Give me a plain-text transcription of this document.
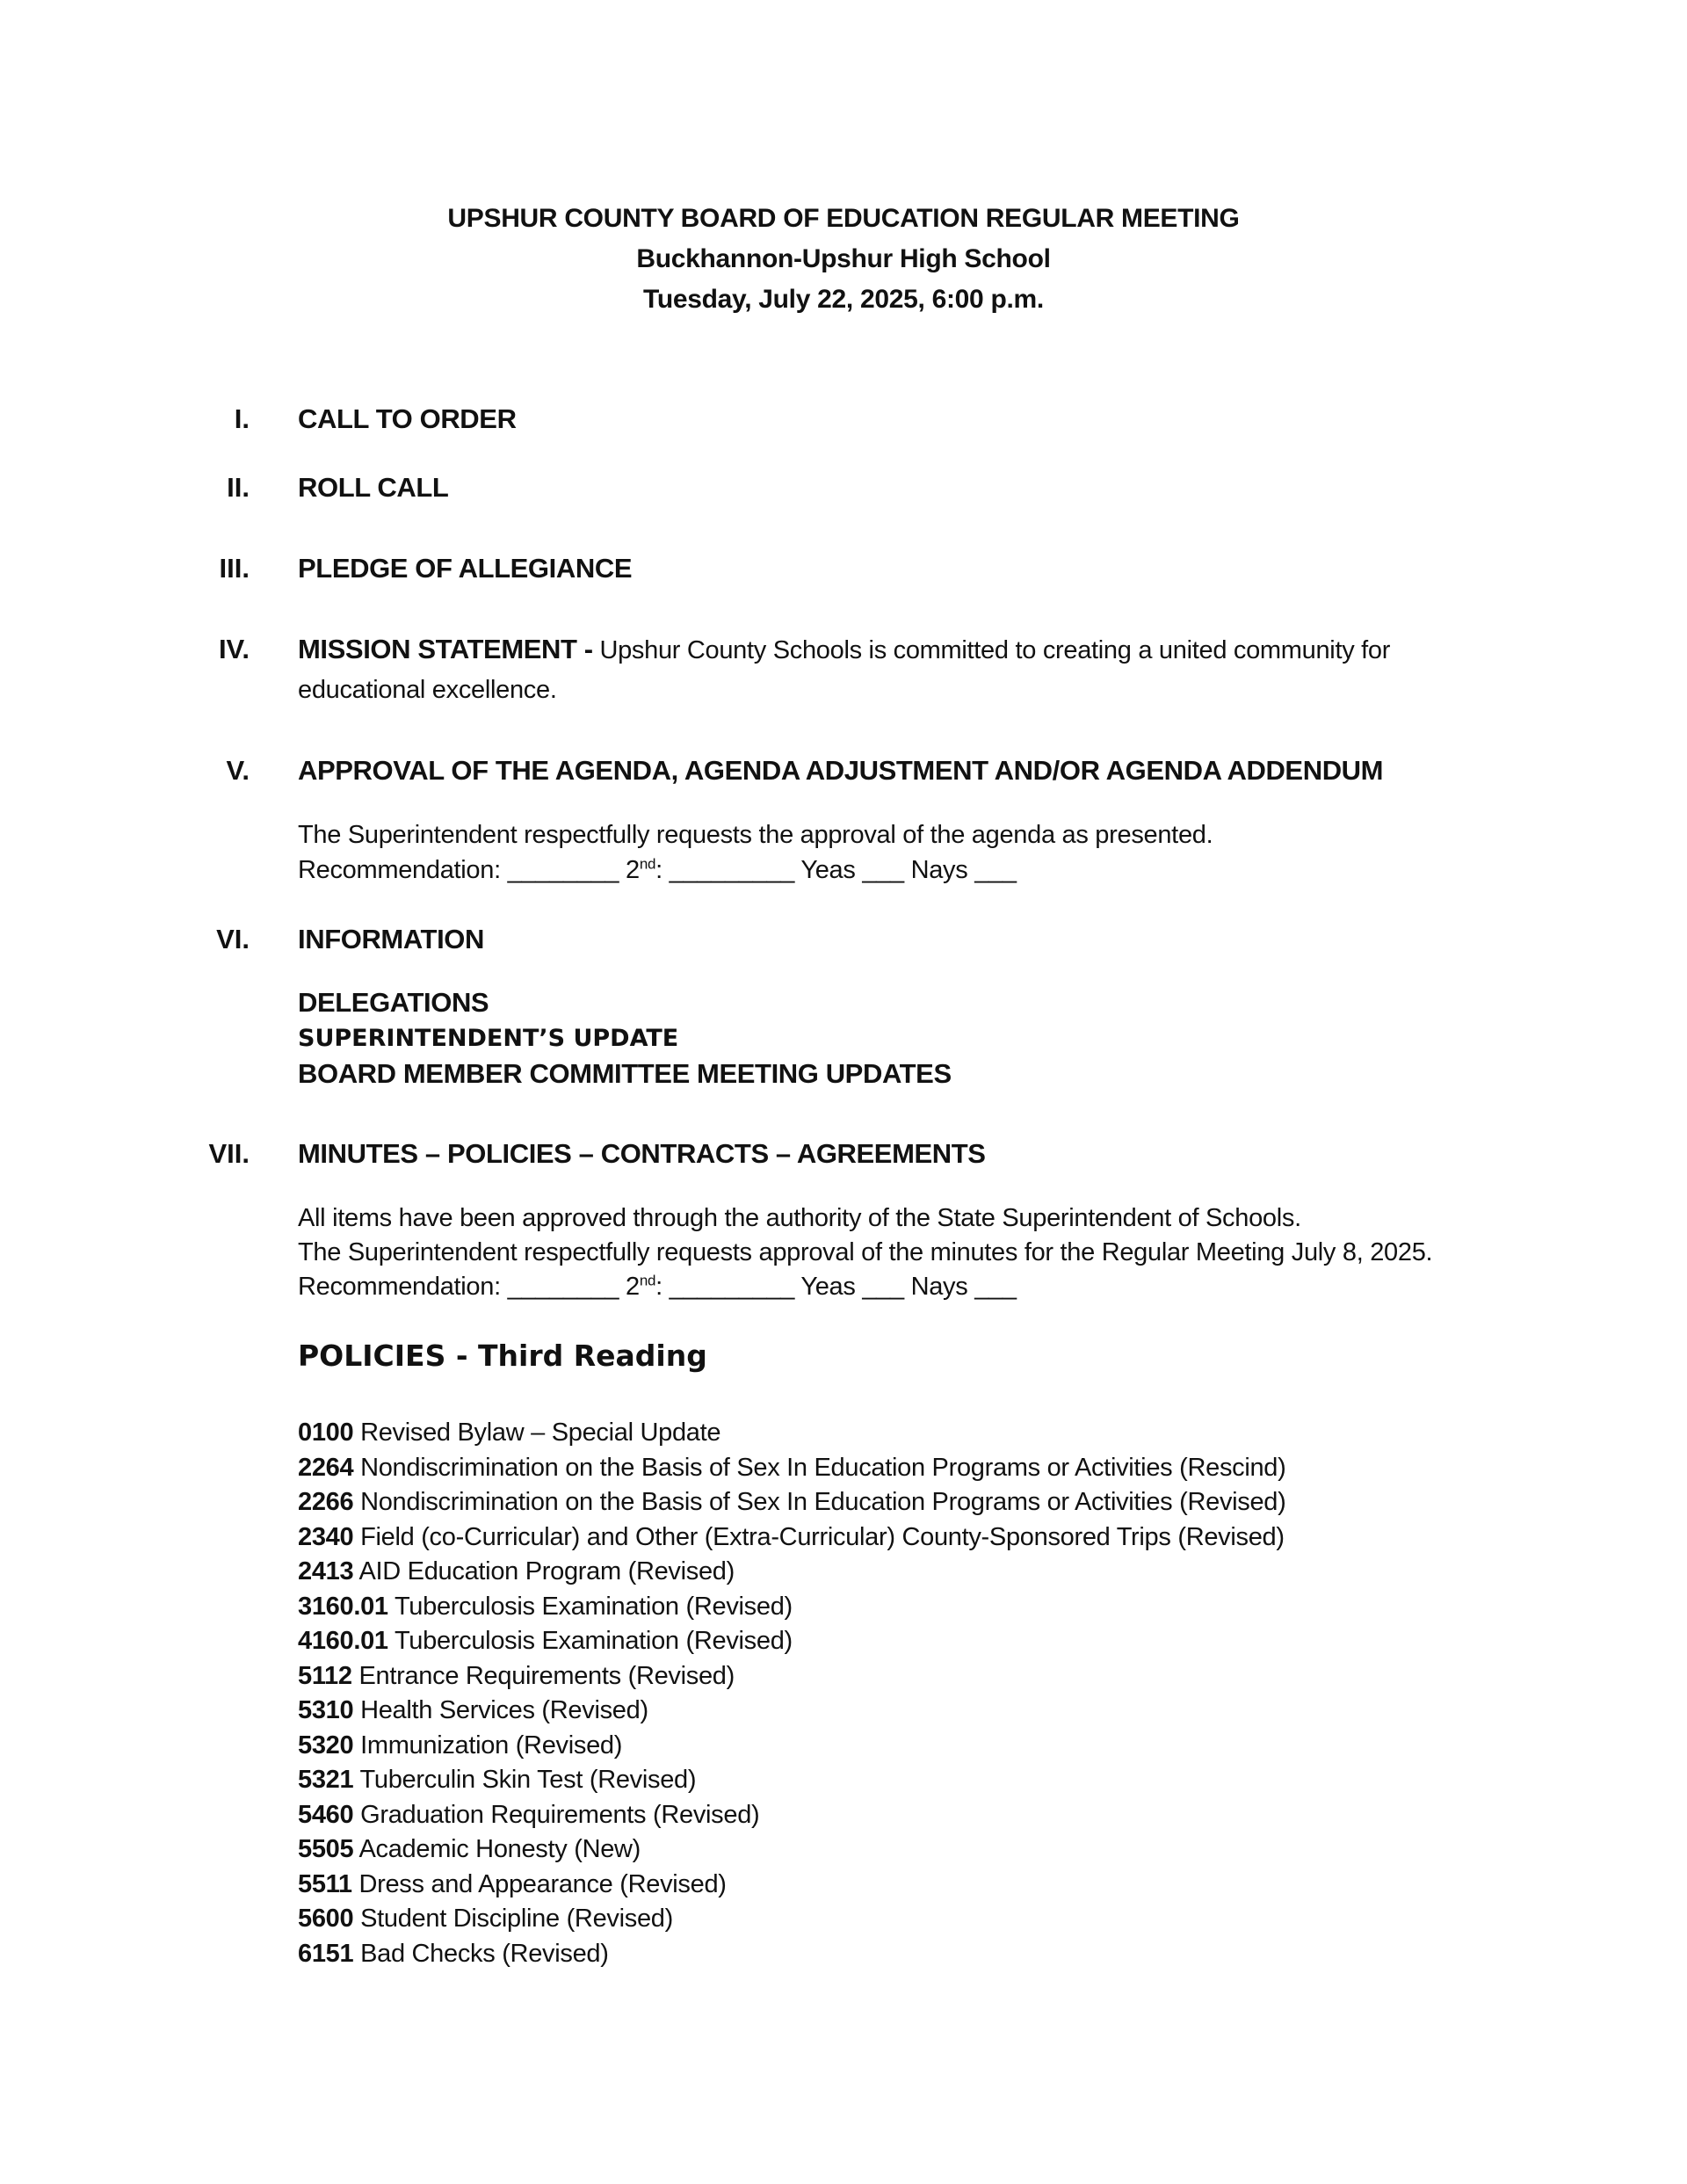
UPSHUR COUNTY BOARD OF EDUCATION REGULAR MEETING
Buckhannon-Upshur High School
Tuesday, July 22, 2025, 6:00 p.m.
I. CALL TO ORDER
II. ROLL CALL
III. PLEDGE OF ALLEGIANCE
IV. MISSION STATEMENT - Upshur County Schools is committed to creating a united community for
educational excellence.
V. APPROVAL OF THE AGENDA, AGENDA ADJUSTMENT AND/OR AGENDA ADDENDUM
The Superintendent respectfully requests the approval of the agenda as presented.
Recommendation: ________ 2nd: _________ Yeas ___ Nays ___
VI. INFORMATION
DELEGATIONS
SUPERINTENDENT’S UPDATE
BOARD MEMBER COMMITTEE MEETING UPDATES
VII. MINUTES – POLICIES – CONTRACTS – AGREEMENTS
All items have been approved through the authority of the State Superintendent of Schools.
The Superintendent respectfully requests approval of the minutes for the Regular Meeting July 8, 2025.
Recommendation: ________ 2nd: _________ Yeas ___ Nays ___
POLICIES - Third Reading
0100 Revised Bylaw – Special Update
2264 Nondiscrimination on the Basis of Sex In Education Programs or Activities (Rescind)
2266 Nondiscrimination on the Basis of Sex In Education Programs or Activities (Revised)
2340 Field (co-Curricular) and Other (Extra-Curricular) County-Sponsored Trips (Revised)
2413 AID Education Program (Revised)
3160.01 Tuberculosis Examination (Revised)
4160.01 Tuberculosis Examination (Revised)
5112 Entrance Requirements (Revised)
5310 Health Services (Revised)
5320 Immunization (Revised)
5321 Tuberculin Skin Test (Revised)
5460 Graduation Requirements (Revised)
5505 Academic Honesty (New)
5511 Dress and Appearance (Revised)
5600 Student Discipline (Revised)
6151 Bad Checks (Revised)
